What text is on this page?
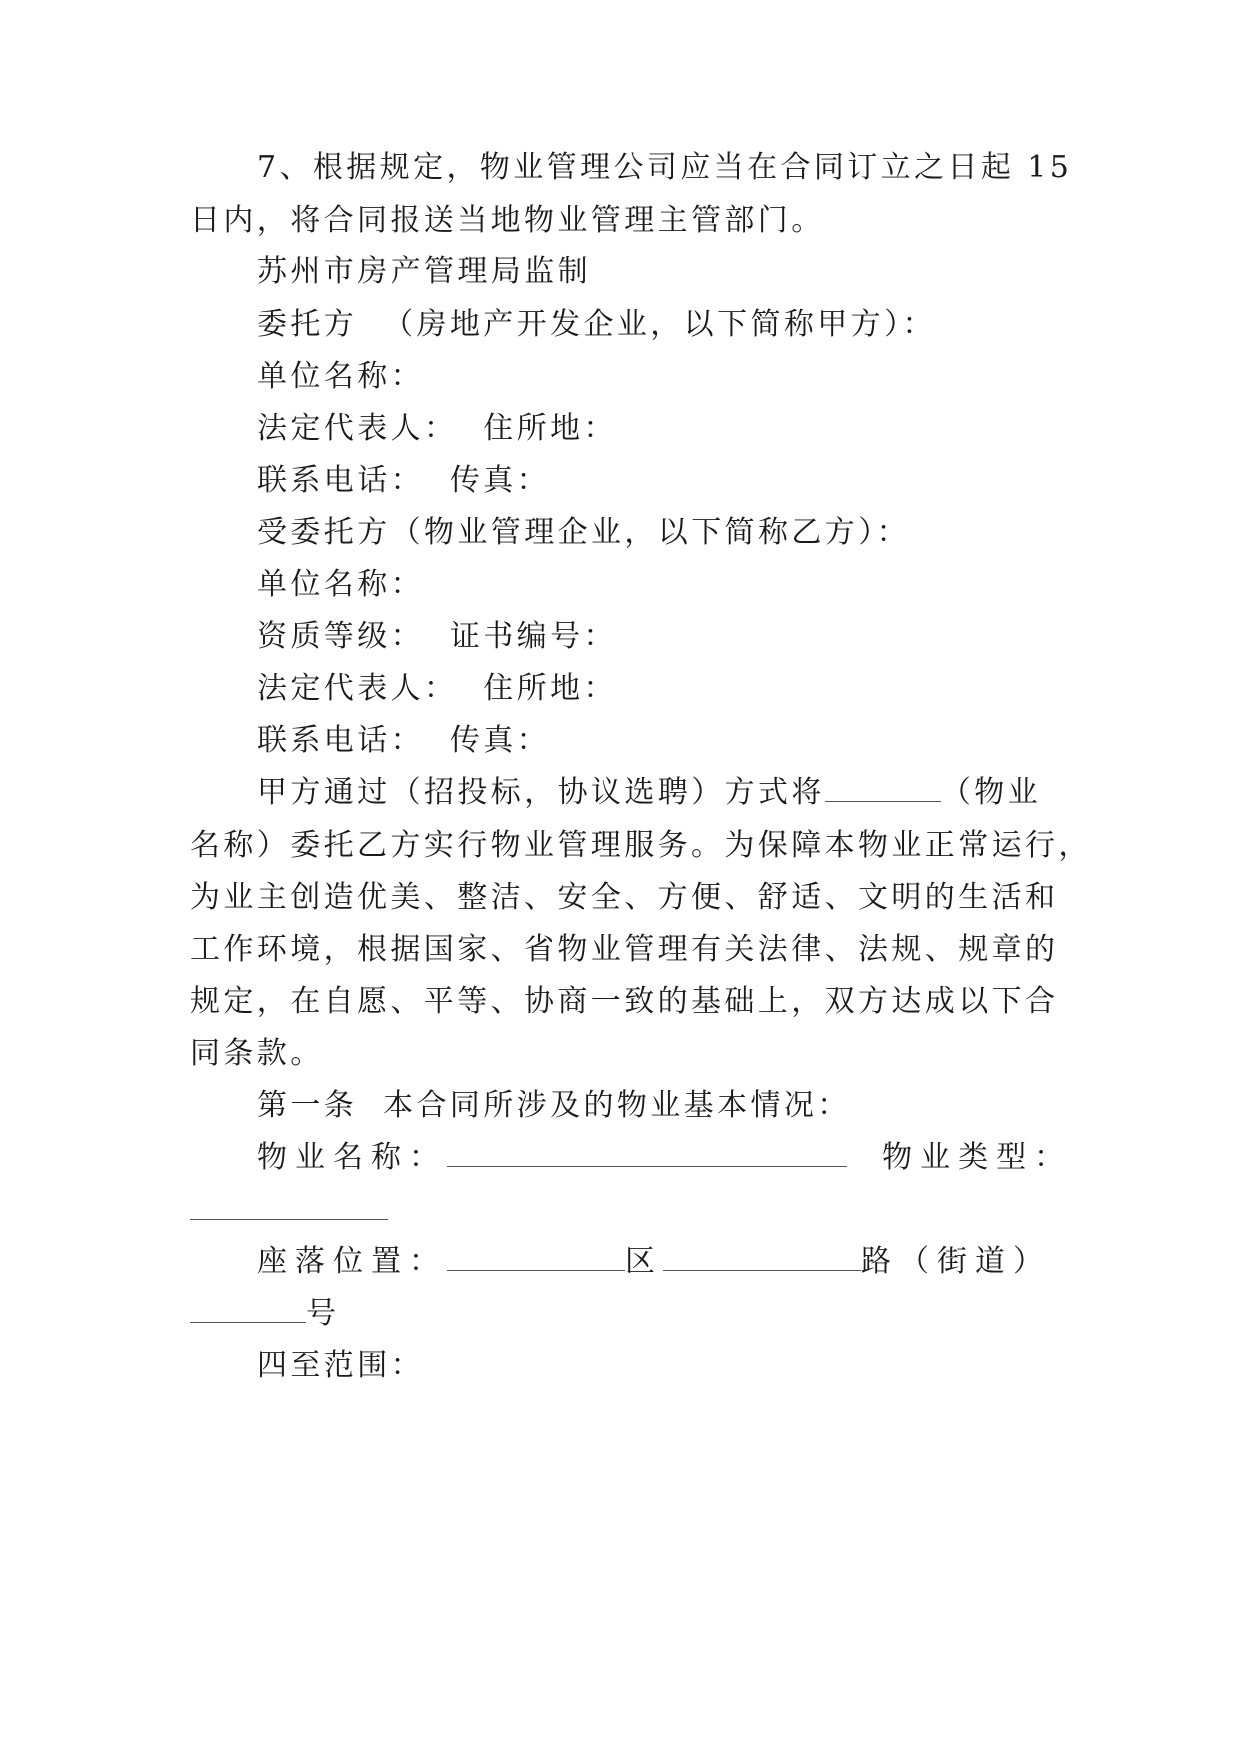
7、根据规定，物业管理公司应当在合同订立之日起 15
日内，将合同报送当地物业管理主管部门。
苏州市房产管理局监制
委托方  （房地产开发企业，以下简称甲方）：
单位名称：
法定代表人：  住所地：
联系电话：  传真：
受委托方（物业管理企业，以下简称乙方）：
单位名称：
资质等级：  证书编号：
法定代表人：  住所地：
联系电话：  传真：
甲方通过（招投标，协议选聘）方式将	（物业
名称）委托乙方实行物业管理服务。为保障本物业正常运行，
为业主创造优美、整洁、安全、方便、舒适、文明的生活和
工作环境，根据国家、省物业管理有关法律、法规、规章的
规定，在自愿、平等、协商一致的基础上，双方达成以下合
同条款。
第一条  本合同所涉及的物业基本情况：
物业名称：	物业类型：
座落位置：	区	路（街道）
号
四至范围：
